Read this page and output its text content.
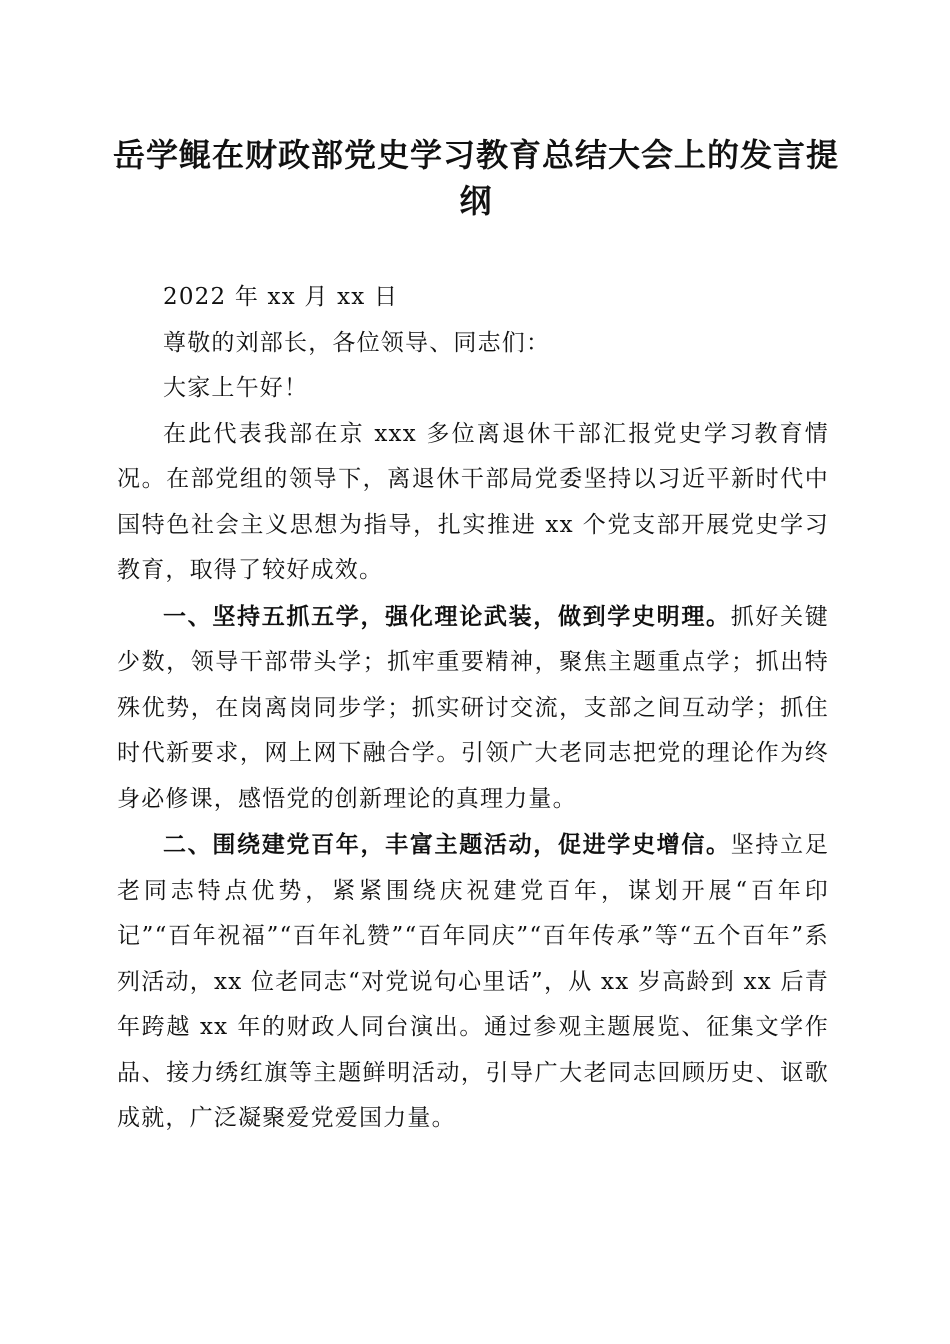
岳学鲲在财政部党史学习教育总结大会上的发言提纲

2022 年 xx 月 xx 日

尊敬的刘部长，各位领导、同志们：

大家上午好！

在此代表我部在京 xxx 多位离退休干部汇报党史学习教育情况。在部党组的领导下，离退休干部局党委坚持以习近平新时代中国特色社会主义思想为指导，扎实推进 xx 个党支部开展党史学习教育，取得了较好成效。

一、坚持五抓五学，强化理论武装，做到学史明理。抓好关键少数，领导干部带头学；抓牢重要精神，聚焦主题重点学；抓出特殊优势，在岗离岗同步学；抓实研讨交流，支部之间互动学；抓住时代新要求，网上网下融合学。引领广大老同志把党的理论作为终身必修课，感悟党的创新理论的真理力量。

二、围绕建党百年，丰富主题活动，促进学史增信。坚持立足老同志特点优势，紧紧围绕庆祝建党百年，谋划开展“百年印记”“百年祝福”“百年礼赞”“百年同庆”“百年传承”等“五个百年”系列活动，xx 位老同志“对党说句心里话”，从 xx 岁高龄到 xx 后青年跨越 xx 年的财政人同台演出。通过参观主题展览、征集文学作品、接力绣红旗等主题鲜明活动，引导广大老同志回顾历史、讴歌成就，广泛凝聚爱党爱国力量。
